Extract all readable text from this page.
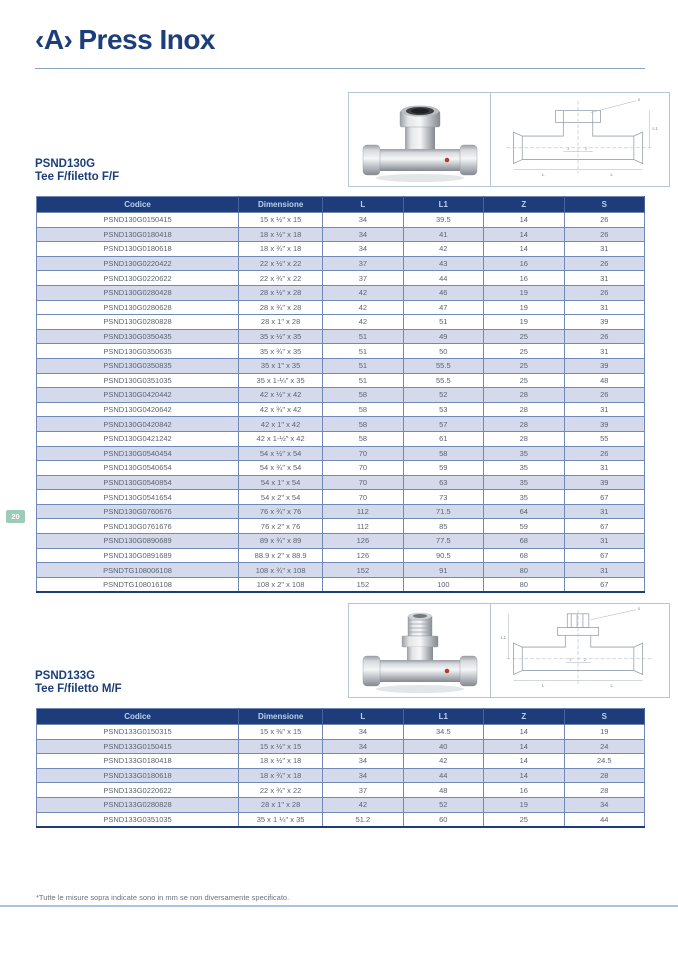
‹A› Press Inox
L	L
L1
s
z	z
PSND130G
Tee F/filetto F/F
Codice	Dimensione	L	L1	Z	S
PSND130G0150415	15 x ½" x 15	34	39.5	14	26
PSND130G0180418	18 x ½" x 18	34	41	14	26
PSND130G0180618	18 x ¾" x 18	34	42	14	31
PSND130G0220422	22 x ½" x 22	37	43	16	26
PSND130G0220622	22 x ¾" x 22	37	44	16	31
PSND130G0280428	28 x ½" x 28	42	46	19	26
PSND130G0280628	28 x ¾" x 28	42	47	19	31
PSND130G0280828	28 x 1" x 28	42	51	19	39
PSND130G0350435	35 x ½" x 35	51	49	25	26
PSND130G0350635	35 x ¾" x 35	51	50	25	31
PSND130G0350835	35 x 1" x 35	51	55.5	25	39
PSND130G0351035	35 x 1-¼" x 35	51	55.5	25	48
PSND130G0420442	42 x ½" x 42	58	52	28	26
PSND130G0420642	42 x ¾" x 42	58	53	28	31
PSND130G0420842	42 x 1" x 42	58	57	28	39
PSND130G0421242	42 x 1-½" x 42	58	61	28	55
PSND130G0540454	54 x ½" x 54	70	58	35	26
PSND130G0540654	54 x ¾" x 54	70	59	35	31
PSND130G0540854	54 x 1" x 54	70	63	35	39
PSND130G0541654	54 x 2" x 54	70	73	35	67
PSND130G0760676	76 x ¾" x 76	112	71.5	64	31
PSND130G0761676	76 x 2" x 76	112	85	59	67
PSND130G0890689	89 x ¾" x 89	126	77.5	68	31
PSND130G0891689	88.9 x 2" x 88.9	126	90.5	68	67
PSNDTG108006108	108 x ¾" x 108	152	91	80	31
PSNDTG108016108	108 x 2" x 108	152	100	80	67
20
L	L
L1
s
z z
PSND133G
Tee F/filetto M/F
Codice	Dimensione	L	L1	Z	S
PSND133G0150315	15 x ⅜" x 15	34	34.5	14	19
PSND133G0150415	15 x ½" x 15	34	40	14	24
PSND133G0180418	18 x ½" x 18	34	42	14	24.5
PSND133G0180618	18 x ¾" x 18	34	44	14	28
PSND133G0220622	22 x ¾" x 22	37	48	16	28
PSND133G0280828	28 x 1" x 28	42	52	19	34
PSND133G0351035	35 x 1 ¼" x 35	51.2	60	25	44
*Tutte le misure sopra indicate sono in mm se non diversamente specificato.
